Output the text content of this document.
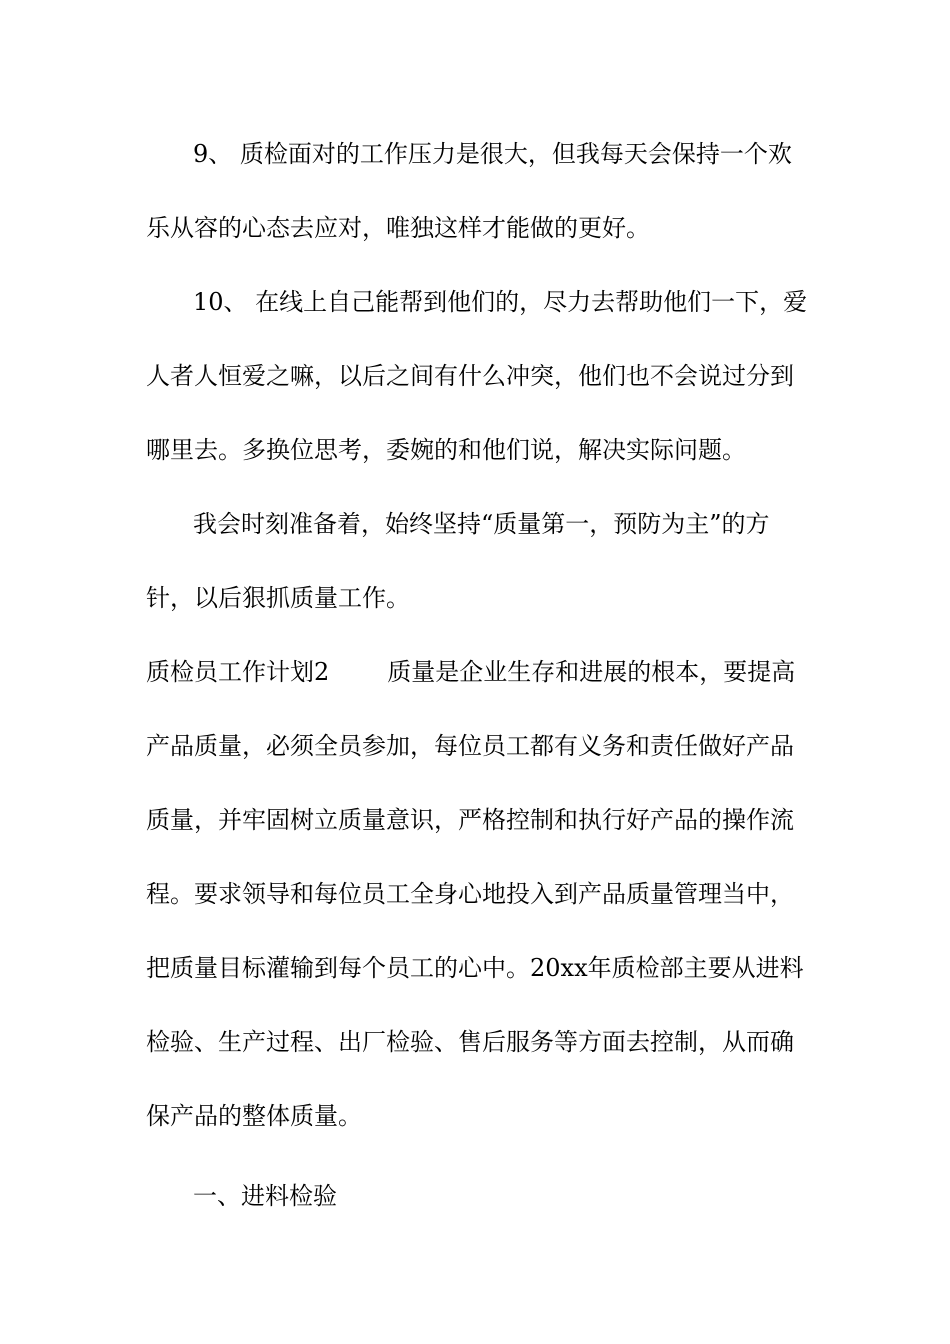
9、 质检面对的工作压力是很大，但我每天会保持一个欢
乐从容的心态去应对，唯独这样才能做的更好。
10、 在线上自己能帮到他们的，尽力去帮助他们一下，爱
人者人恒爱之嘛，以后之间有什么冲突，他们也不会说过分到
哪里去。多换位思考，委婉的和他们说，解决实际问题。
我会时刻准备着，始终坚持“质量第一，预防为主”的方
针，以后狠抓质量工作。
质检员工作计划2 质量是企业生存和进展的根本，要提高
产品质量，必须全员参加，每位员工都有义务和责任做好产品
质量，并牢固树立质量意识，严格控制和执行好产品的操作流
程。要求领导和每位员工全身心地投入到产品质量管理当中，
把质量目标灌输到每个员工的心中。20xx年质检部主要从进料
检验、生产过程、出厂检验、售后服务等方面去控制，从而确
保产品的整体质量。
一、进料检验
